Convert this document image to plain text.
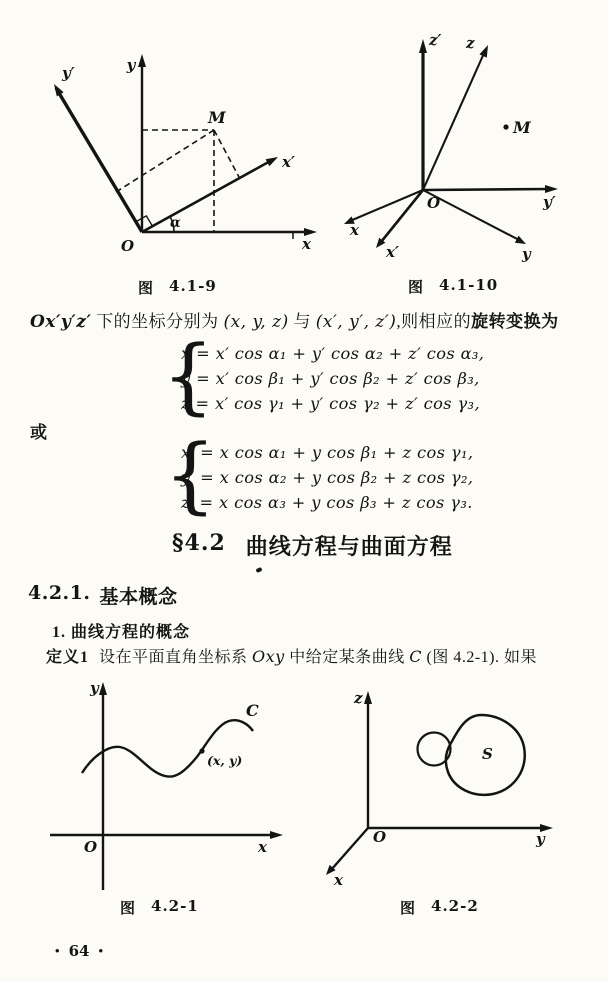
y
y′
x
x′
O
M
α
图 4.1-9
z′ z
y′
y
x
x′
O
M
图 4.1-10
Ox′y′z′ 下的坐标分别为 (x, y, z) 与 (x′, y′, z′),则相应的旋转变换为
{
x = x′ cos α₁ + y′ cos α₂ + z′ cos α₃,
y = x′ cos β₁ + y′ cos β₂ + z′ cos β₃,
z = x′ cos γ₁ + y′ cos γ₂ + z′ cos γ₃,
或 {
x′ = x cos α₁ + y cos β₁ + z cos γ₁,
y′ = x cos α₂ + y cos β₂ + z cos γ₂,
z′ = x cos α₃ + y cos β₃ + z cos γ₃.
§4.2 曲线方程与曲面方程
4.2.1. 基本概念
1. 曲线方程的概念
定义1 设在平面直角坐标系 Oxy 中给定某条曲线 C (图 4.2-1). 如果
y
x
O
C
(x, y)
图 4.2-1
z
y
x
O
S
图 4.2-2
• 64 •
